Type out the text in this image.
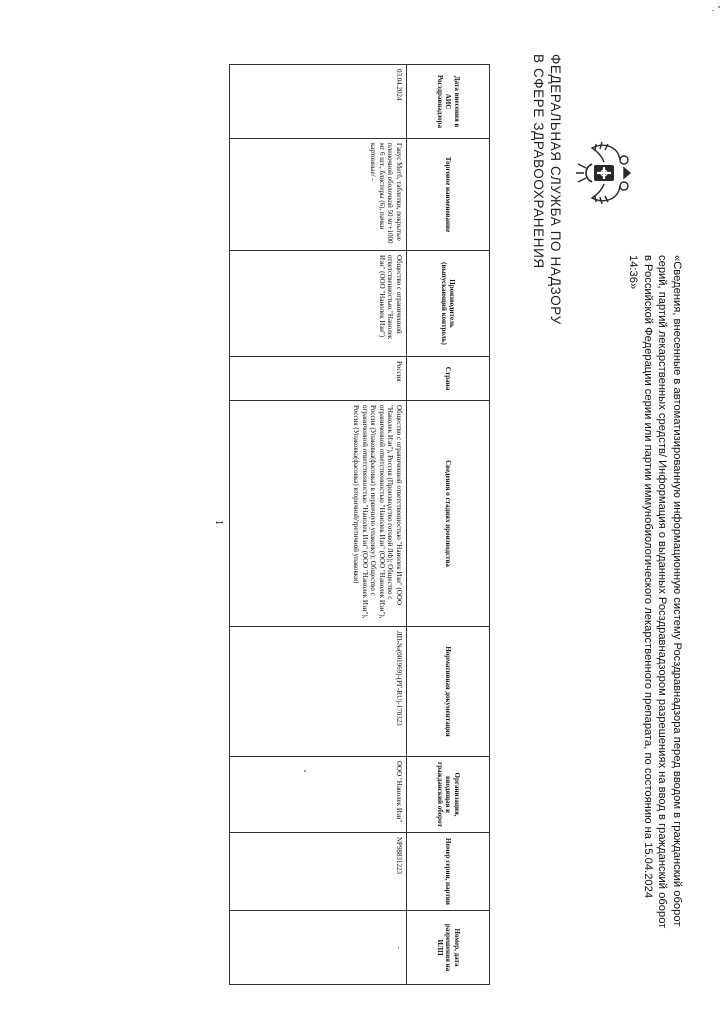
ФЕДЕРАЛЬНАЯ СЛУЖБА ПО НАДЗОРУ
В СФЕРЕ ЗДРАВООХРАНЕНИЯ
«Сведения, внесенные в автоматизированную информационную систему Росздравнадзора перед вводом в гражданский оборот серий, партий лекарственных средств/ Информация о выданных Росздравнадзором разрешениях на ввод в гражданский оборот в Российской Федерации серии или партии иммунобиологического лекарственного препарата, по состоянию на 15.04.2024 14:36»
Дата внесения в АИС Росздравнадзора	Торговое наименование	Производитель (выпускающий контроль)	Страна	Сведения о стадиях производства	Нормативная документация	Организация, вводящая в гражданский оборот	Номер серии, партии	Номер, дата разрешения на ИЛП
03.04.2024	Ганус Мегб, таблетки, покрытые пленочной оболочкой 50 мг+1000 мг 6 шт., блистеры (6), пачки картонные/ -	Общество с ограниченной ответственностью "Нанолек Изи" (ООО "Нанолек Изи")	Россия	Общество с ограниченной ответственностью "Нанолек Изи" (ООО "Нанолек Изи"), Россия (Производство готовой ЛФ); Общество с ограниченной ответственностью "Нанолек Изи" (ООО "Нанолек Изи"), Россия (Упаковка(фасовка) в первичную упаковку); Общество с ограниченной ответственностью "Нанолек Изи" (ООО "Нанолек Изи"), Россия (Упаковка(фасовка) вторичной/третичной упаковки)	ЛП-№(001969)-(РГ-RU)-170323	ООО "Нанолек Изи"	NP98831223	-
1
